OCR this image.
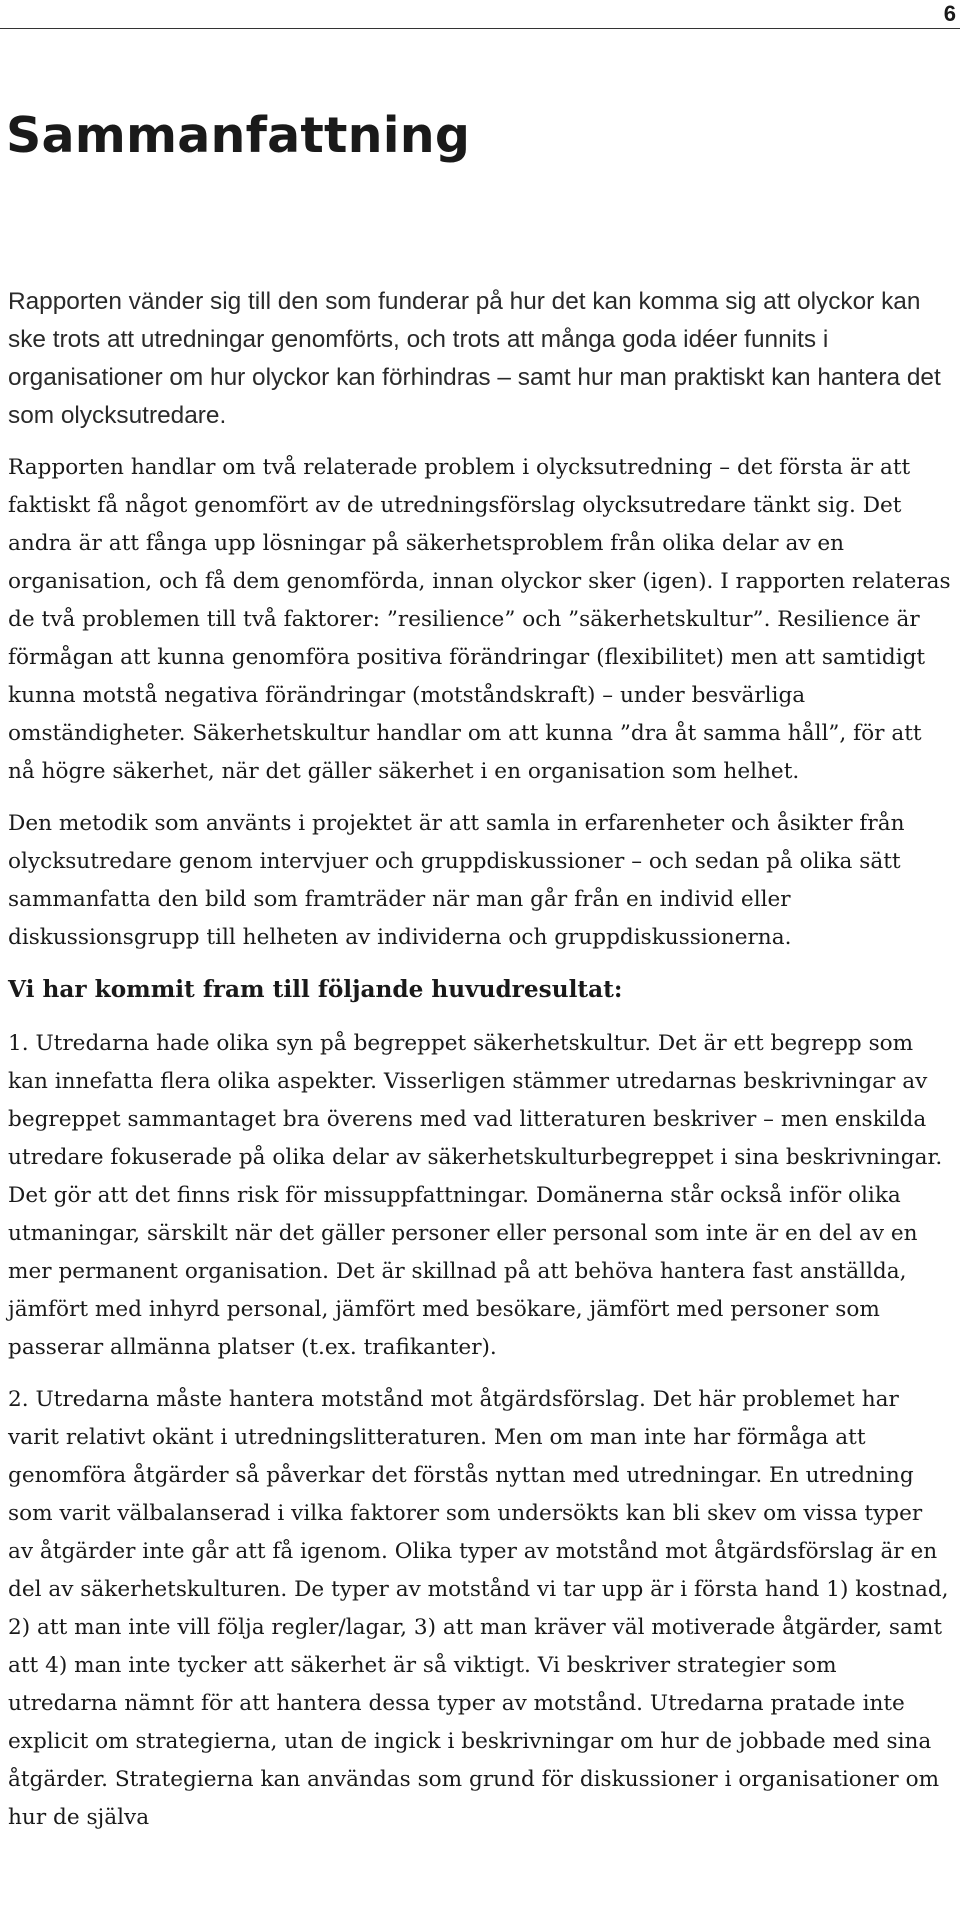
6
Sammanfattning

Rapporten vänder sig till den som funderar på hur det kan komma sig att olyckor kan ske trots att utredningar genomförts, och trots att många goda idéer funnits i organisationer om hur olyckor kan förhindras – samt hur man praktiskt kan hantera det som olycksutredare.

Rapporten handlar om två relaterade problem i olycksutredning – det första är att faktiskt få något genomfört av de utredningsförslag olycksutredare tänkt sig. Det andra är att fånga upp lösningar på säkerhetsproblem från olika delar av en organisation, och få dem genomförda, innan olyckor sker (igen). I rapporten relateras de två problemen till två faktorer: ”resilience” och ”säkerhetskultur”. Resilience är förmågan att kunna genomföra positiva förändringar (flexibilitet) men att samtidigt kunna motstå negativa förändringar (motståndskraft) – under besvärliga omständigheter. Säkerhetskultur handlar om att kunna ”dra åt samma håll”, för att nå högre säkerhet, när det gäller säkerhet i en organisation som helhet.

Den metodik som använts i projektet är att samla in erfarenheter och åsikter från olycksutredare genom intervjuer och gruppdiskussioner – och sedan på olika sätt sammanfatta den bild som framträder när man går från en individ eller diskussionsgrupp till helheten av individerna och gruppdiskussionerna.

Vi har kommit fram till följande huvudresultat:

1. Utredarna hade olika syn på begreppet säkerhetskultur. Det är ett begrepp som kan innefatta flera olika aspekter. Visserligen stämmer utredarnas beskrivningar av begreppet sammantaget bra överens med vad litteraturen beskriver – men enskilda utredare fokuserade på olika delar av säkerhetskulturbegreppet i sina beskrivningar. Det gör att det finns risk för missuppfattningar. Domänerna står också inför olika utmaningar, särskilt när det gäller personer eller personal som inte är en del av en mer permanent organisation. Det är skillnad på att behöva hantera fast anställda, jämfört med inhyrd personal, jämfört med besökare, jämfört med personer som passerar allmänna platser (t.ex. trafikanter).

2. Utredarna måste hantera motstånd mot åtgärdsförslag. Det här problemet har varit relativt okänt i utredningslitteraturen. Men om man inte har förmåga att genomföra åtgärder så påverkar det förstås nyttan med utredningar. En utredning som varit välbalanserad i vilka faktorer som undersökts kan bli skev om vissa typer av åtgärder inte går att få igenom. Olika typer av motstånd mot åtgärdsförslag är en del av säkerhetskulturen. De typer av motstånd vi tar upp är i första hand 1) kostnad, 2) att man inte vill följa regler/lagar, 3) att man kräver väl motiverade åtgärder, samt att 4) man inte tycker att säkerhet är så viktigt. Vi beskriver strategier som utredarna nämnt för att hantera dessa typer av motstånd. Utredarna pratade inte explicit om strategierna, utan de ingick i beskrivningar om hur de jobbade med sina åtgärder. Strategierna kan användas som grund för diskussioner i organisationer om hur de själva
